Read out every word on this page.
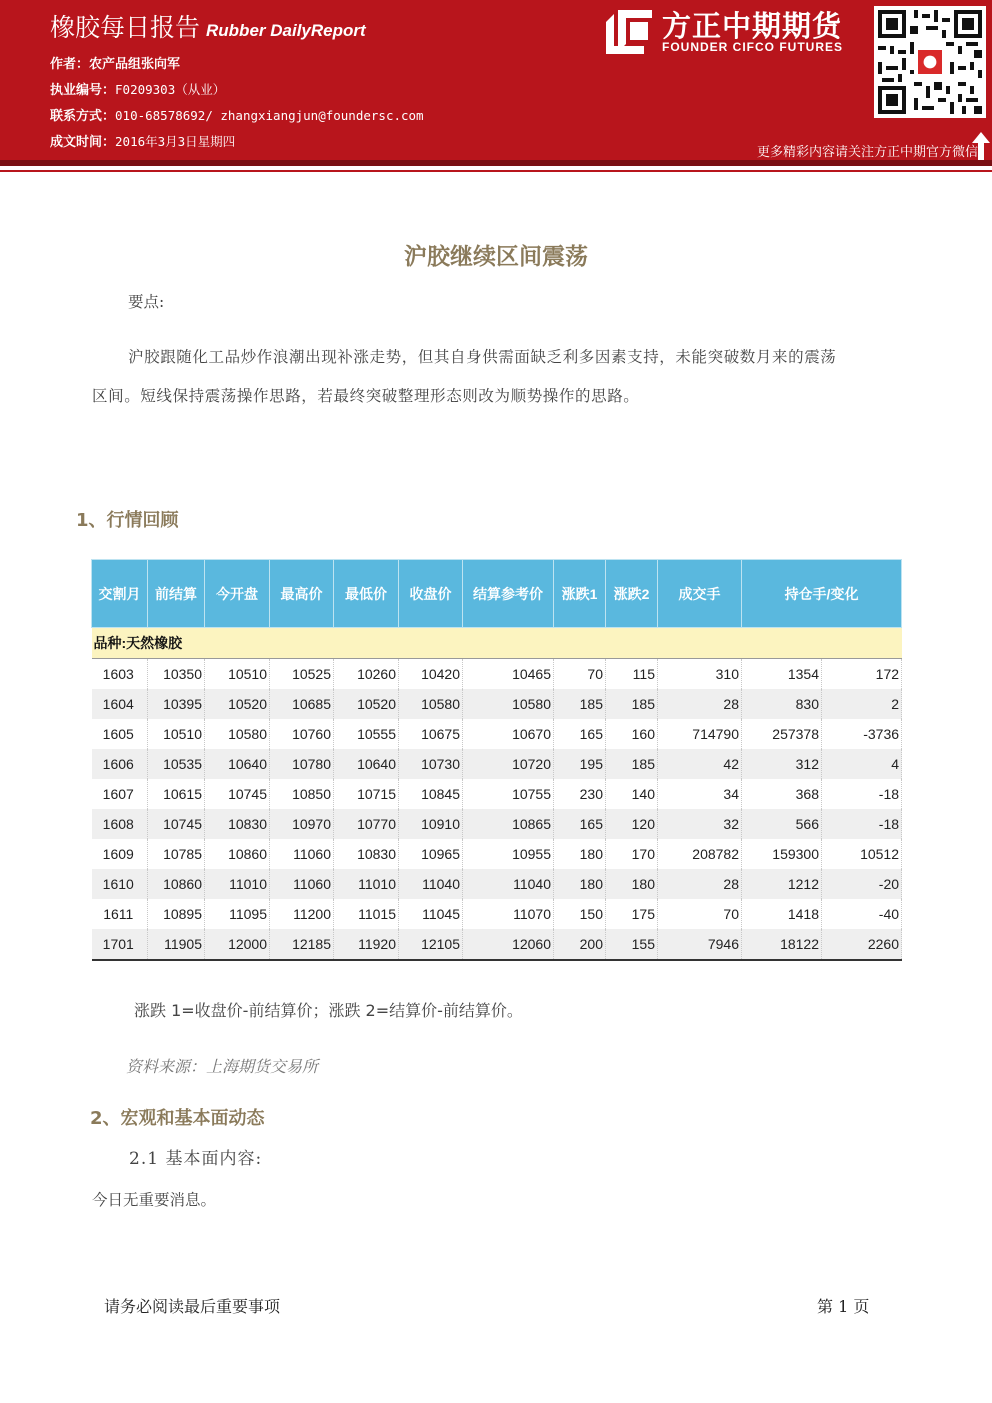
橡胶每日报告 Rubber DailyReport
作者：农产品组张向军
执业编号：F0209303（从业）
联系方式：010-68578692/ zhangxiangjun@foundersc.com
成文时间：2016年3月3日星期四
方正中期期货
FOUNDER CIFCO FUTURES
更多精彩内容请关注方正中期官方微信
沪胶继续区间震荡
要点:
沪胶跟随化工品炒作浪潮出现补涨走势，但其自身供需面缺乏利多因素支持，未能突破数月来的震荡
区间。短线保持震荡操作思路，若最终突破整理形态则改为顺势操作的思路。
1、行情回顾
交割月	前结算	今开盘	最高价	最低价	收盘价	结算参考价	涨跌1	涨跌2	成交手	持仓手/变化	
品种:天然橡胶											
1603	10350	10510	10525	10260	10420	10465	70	115	310	1354	172
1604	10395	10520	10685	10520	10580	10580	185	185	28	830	2
1605	10510	10580	10760	10555	10675	10670	165	160	714790	257378	-3736
1606	10535	10640	10780	10640	10730	10720	195	185	42	312	4
1607	10615	10745	10850	10715	10845	10755	230	140	34	368	-18
1608	10745	10830	10970	10770	10910	10865	165	120	32	566	-18
1609	10785	10860	11060	10830	10965	10955	180	170	208782	159300	10512
1610	10860	11010	11060	11010	11040	11040	180	180	28	1212	-20
1611	10895	11095	11200	11015	11045	11070	150	175	70	1418	-40
1701	11905	12000	12185	11920	12105	12060	200	155	7946	18122	2260
涨跌 1=收盘价-前结算价；涨跌 2=结算价-前结算价。
资料来源：上海期货交易所
2、宏观和基本面动态
2.1 基本面内容:
今日无重要消息。
请务必阅读最后重要事项	第 1 页
